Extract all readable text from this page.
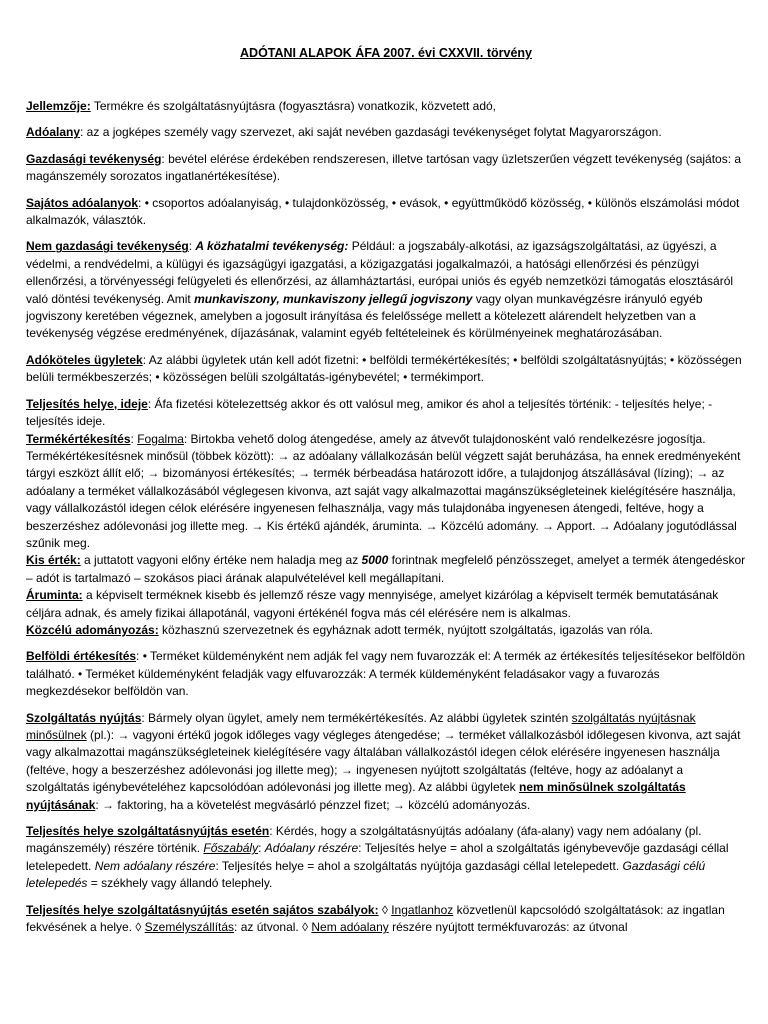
ADÓTANI ALAPOK ÁFA 2007. évi CXXVII. törvény
Jellemzője: Termékre és szolgáltatásnyújtásra (fogyasztásra) vonatkozik, közvetett adó,
Adóalany: az a jogképes személy vagy szervezet, aki saját nevében gazdasági tevékenységet folytat Magyarországon.
Gazdasági tevékenység: bevétel elérése érdekében rendszeresen, illetve tartósan vagy üzletszerűen végzett tevékenység (sajátos: a magánszemély sorozatos ingatlanértékesítése).
Sajátos adóalanyok: • csoportos adóalanyiság, • tulajdonközösség, • evások, • együttműködő közösség, • különös elszámolási módot alkalmazók, választók.
Nem gazdasági tevékenység: A közhatalmi tevékenység: Például: a jogszabály-alkotási, az igazságszolgáltatási, az ügyészi, a védelmi, a rendvédelmi, a külügyi és igazságügyi igazgatási, a közigazgatási jogalkalmazói, a hatósági ellenőrzési és pénzügyi ellenőrzési, a törvényességi felügyeleti és ellenőrzési, az államháztartási, európai uniós és egyéb nemzetközi támogatás elosztásáról való döntési tevékenység. Amit munkaviszony, munkaviszony jellegű jogviszony vagy olyan munkavégzésre irányuló egyéb jogviszony keretében végeznek, amelyben a jogosult irányítása és felelőssége mellett a kötelezett alárendelt helyzetben van a tevékenység végzése eredményének, díjazásának, valamint egyéb feltételeinek és körülményeinek meghatározásában.
Adóköteles ügyletek: Az alábbi ügyletek után kell adót fizetni: • belföldi termékértékesítés; • belföldi szolgáltatásnyújtás; • közösségen belüli termékbeszerzés; • közösségen belüli szolgáltatás-igénybevétel; • termékimport.
Teljesítés helye, ideje: Áfa fizetési kötelezettség akkor és ott valósul meg, amikor és ahol a teljesítés történik: - teljesítés helye; - teljesítés ideje.
Termékértékesítés: Fogalma: Birtokba vehető dolog átengedése, amely az átvevőt tulajdonosként való rendelkezésre jogosítja. Termékértékesítésnek minősül (többek között): → az adóalany vállalkozásán belül végzett saját beruházása, ha ennek eredményeként tárgyi eszközt állít elő; → bizományosi értékesítés; → termék bérbeadása határozott időre, a tulajdonjog átszállásával (lízing); → az adóalany a terméket vállalkozásából véglegesen kivonva, azt saját vagy alkalmazottai magánszükségleteinek kielégítésére használja, vagy vállalkozástól idegen célok elérésére ingyenesen felhasználja, vagy más tulajdonába ingyenesen átengedi, feltéve, hogy a beszerzéshez adólevonási jog illette meg. → Kis értékű ajándék, áruminta. → Közcélú adomány. → Apport. → Adóalany jogutódlással szűnik meg.
Kis érték: a juttatott vagyoni előny értéke nem haladja meg az 5000 forintnak megfelelő pénzösszeget, amelyet a termék átengedéskor – adót is tartalmazó – szokásos piaci árának alapulvételével kell megállapítani.
Áruminta: a képviselt terméknek kisebb és jellemző része vagy mennyisége, amelyet kizárólag a képviselt termék bemutatásának céljára adnak, és amely fizikai állapotánál, vagyoni értékénél fogva más cél elérésére nem is alkalmas.
Közcélú adományozás: közhasznú szervezetnek és egyháznak adott termék, nyújtott szolgáltatás, igazolás van róla.
Belföldi értékesítés: • Terméket küldeményként nem adják fel vagy nem fuvarozzák el: A termék az értékesítés teljesítésekor belföldön található. • Terméket küldeményként feladják vagy elfuvarozzák: A termék küldeményként feladásakor vagy a fuvarozás megkezdésekor belföldön van.
Szolgáltatás nyújtás: Bármely olyan ügylet, amely nem termékértékesítés. Az alábbi ügyletek szintén szolgáltatás nyújtásnak minősülnek (pl.): → vagyoni értékű jogok időleges vagy végleges átengedése; → terméket vállalkozásból időlegesen kivonva, azt saját vagy alkalmazottai magánszükségleteinek kielégítésére vagy általában vállalkozástól idegen célok elérésére ingyenesen használja (feltéve, hogy a beszerzéshez adólevonási jog illette meg); → ingyenesen nyújtott szolgáltatás (feltéve, hogy az adóalanyt a szolgáltatás igénybevételéhez kapcsolódóan adólevonási jog illette meg). Az alábbi ügyletek nem minősülnek szolgáltatás nyújtásának: → faktoring, ha a követelést megvásárló pénzzel fizet; → közcélú adományozás.
Teljesítés helye szolgáltatásnyújtás esetén: Kérdés, hogy a szolgáltatásnyújtás adóalany (áfa-alany) vagy nem adóalany (pl. magánszemély) részére történik. Főszabály: Adóalany részére: Teljesítés helye = ahol a szolgáltatás igénybevevője gazdasági céllal letelepedett. Nem adóalany részére: Teljesítés helye = ahol a szolgáltatás nyújtója gazdasági céllal letelepedett. Gazdasági célú letelepedés = székhely vagy állandó telephely.
Teljesítés helye szolgáltatásnyújtás esetén sajátos szabályok: ◊ Ingatlanhoz közvetlenül kapcsolódó szolgáltatások: az ingatlan fekvésének a helye. ◊ Személyszállítás: az útvonal. ◊ Nem adóalany részére nyújtott termékfuvarozás: az útvonal
